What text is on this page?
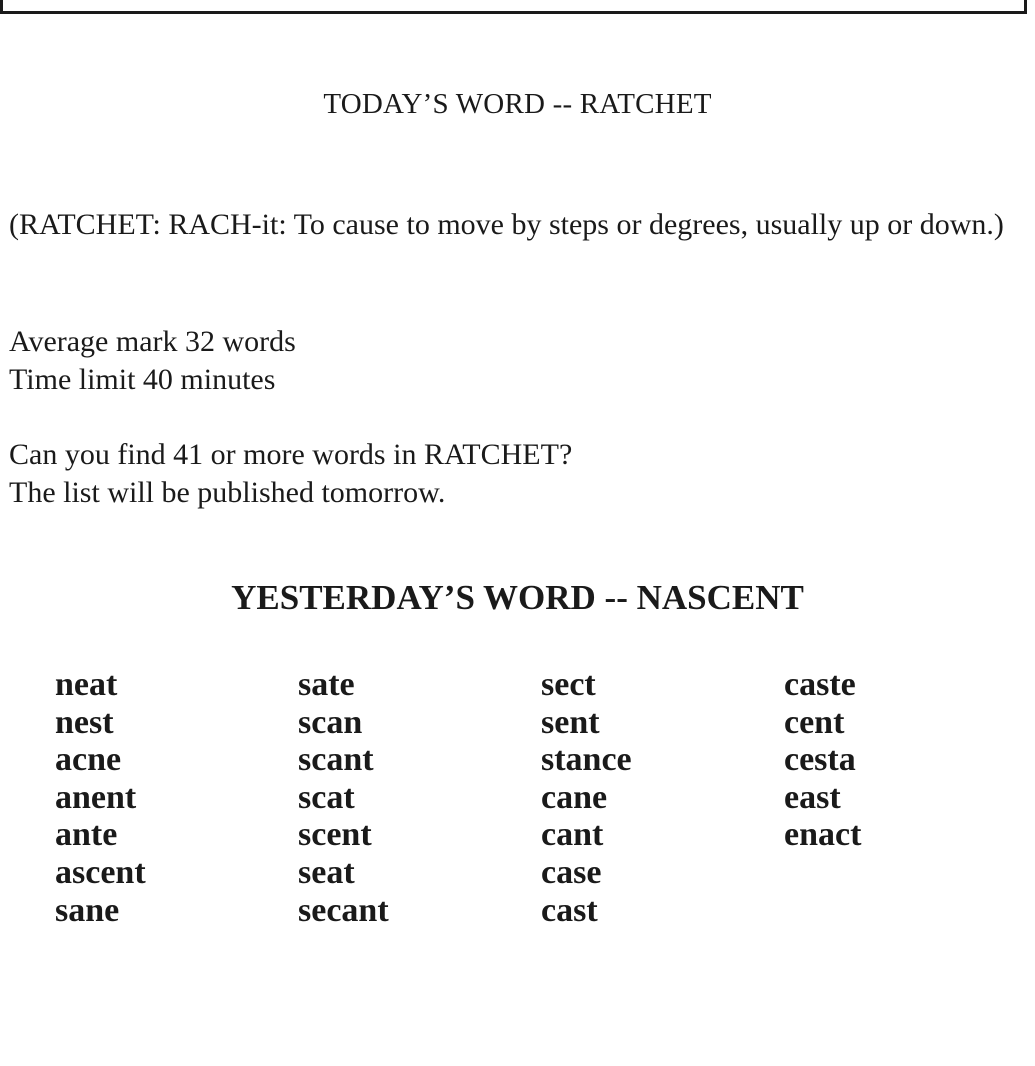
TODAY’S WORD -- RATCHET

(RATCHET: RACH-it: To cause to move by steps or degrees, usually up or down.)

Average mark 32 words
Time limit 40 minutes

Can you find 41 or more words in RATCHET?
The list will be published tomorrow.

YESTERDAY’S WORD -- NASCENT
neat
nest
acne
anent
ante
ascent
sane
sate
scan
scant
scat
scent
seat
secant
sect
sent
stance
cane
cant
case
cast
caste
cent
cesta
east
enact
